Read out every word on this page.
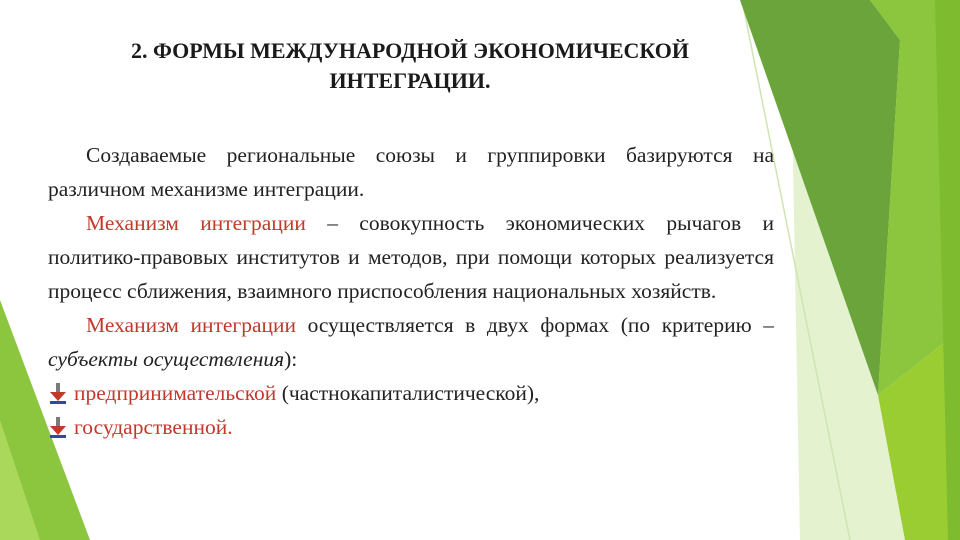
2. ФОРМЫ МЕЖДУНАРОДНОЙ ЭКОНОМИЧЕСКОЙ
ИНТЕГРАЦИИ.

Создаваемые региональные союзы и группировки базируются на различном механизме интеграции.

Механизм интеграции – совокупность экономических рычагов и политико-правовых институтов и методов, при помощи которых реализуется процесс сближения, взаимного приспособления национальных хозяйств.

Механизм интеграции осуществляется в двух формах (по критерию – субъекты осуществления):

предпринимательской (частнокапиталистической),

государственной.
